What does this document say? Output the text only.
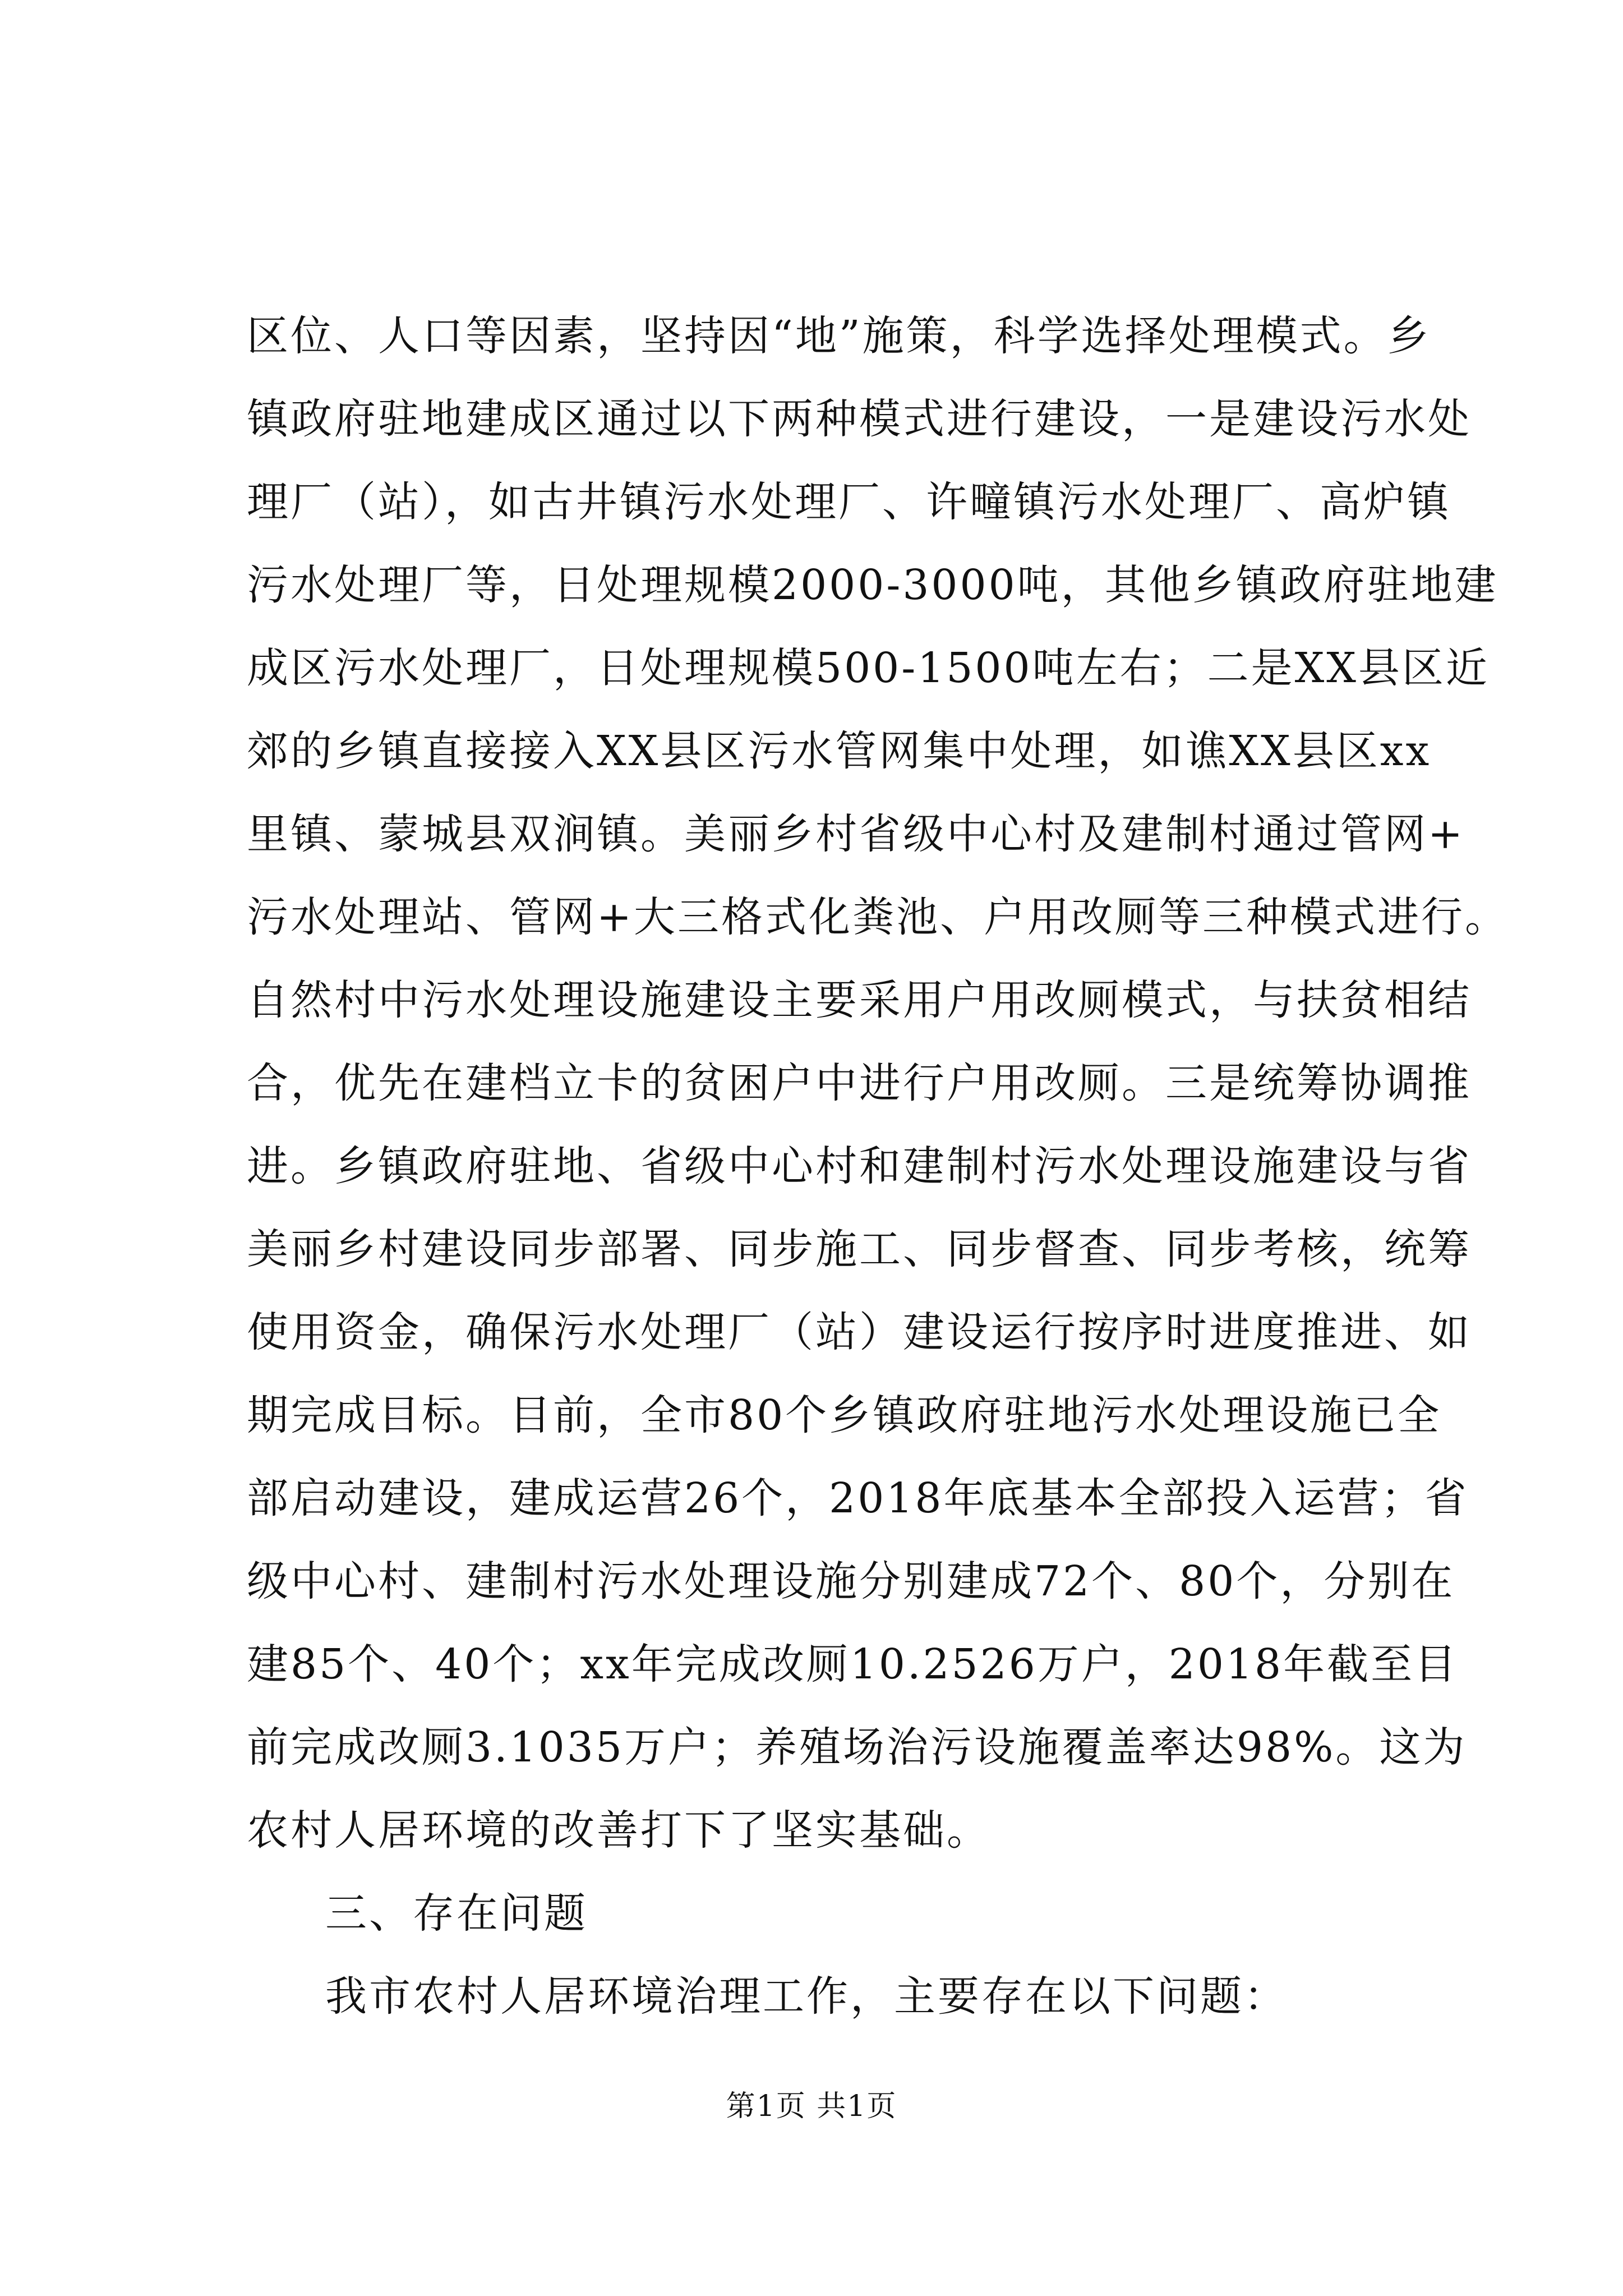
区位、人口等因素，坚持因“地”施策，科学选择处理模式。乡
镇政府驻地建成区通过以下两种模式进行建设，一是建设污水处
理厂（站），如古井镇污水处理厂、许疃镇污水处理厂、高炉镇
污水处理厂等，日处理规模2000-3000吨，其他乡镇政府驻地建
成区污水处理厂，日处理规模500-1500吨左右；二是XX县区近
郊的乡镇直接接入XX县区污水管网集中处理，如谯XX县区xx
里镇、蒙城县双涧镇。美丽乡村省级中心村及建制村通过管网+
污水处理站、管网+大三格式化粪池、户用改厕等三种模式进行。
自然村中污水处理设施建设主要采用户用改厕模式，与扶贫相结
合，优先在建档立卡的贫困户中进行户用改厕。三是统筹协调推
进。乡镇政府驻地、省级中心村和建制村污水处理设施建设与省
美丽乡村建设同步部署、同步施工、同步督查、同步考核，统筹
使用资金，确保污水处理厂（站）建设运行按序时进度推进、如
期完成目标。目前，全市80个乡镇政府驻地污水处理设施已全
部启动建设，建成运营26个，2018年底基本全部投入运营；省
级中心村、建制村污水处理设施分别建成72个、80个，分别在
建85个、40个；xx年完成改厕10.2526万户，2018年截至目
前完成改厕3.1035万户；养殖场治污设施覆盖率达98%。这为
农村人居环境的改善打下了坚实基础。
三、存在问题
我市农村人居环境治理工作，主要存在以下问题：
第1页 共1页
